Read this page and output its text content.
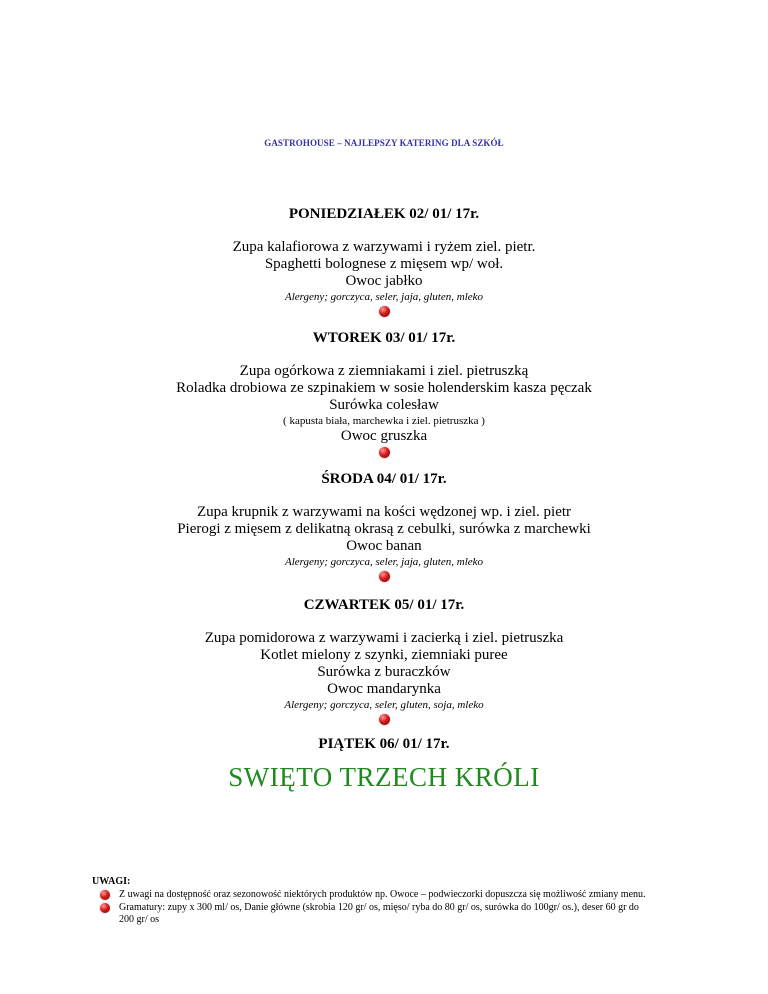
GASTROHOUSE – NAJLEPSZY KATERING DLA SZKÓŁ
PONIEDZIAŁEK 02/ 01/ 17r.
Zupa kalafiorowa z warzywami i ryżem ziel. pietr.
Spaghetti bolognese z mięsem wp/ woł.
Owoc jabłko
Alergeny; gorczyca, seler, jaja, gluten, mleko
WTOREK 03/ 01/ 17r.
Zupa ogórkowa z ziemniakami i ziel. pietruszką
Roladka drobiowa ze szpinakiem w sosie holenderskim kasza pęczak
Surówka colesław
( kapusta biała, marchewka i ziel. pietruszka )
Owoc gruszka
ŚRODA 04/ 01/ 17r.
Zupa krupnik z warzywami na kości wędzonej wp. i ziel. pietr
Pierogi z mięsem z delikatną okrasą z cebulki, surówka z marchewki
Owoc banan
Alergeny; gorczyca, seler, jaja, gluten, mleko
CZWARTEK 05/ 01/ 17r.
Zupa pomidorowa z warzywami i zacierką i ziel. pietruszka
Kotlet mielony z szynki, ziemniaki puree
Surówka z buraczków
Owoc mandarynka
Alergeny; gorczyca, seler, gluten, soja, mleko
PIĄTEK 06/ 01/ 17r.
SWIĘTO TRZECH KRÓLI
UWAGI:
Z uwagi na dostępność oraz sezonowość niektórych produktów np. Owoce – podwieczorki dopuszcza się możliwość zmiany menu.
Gramatury: zupy x 300 ml/ os, Danie główne (skrobia 120 gr/ os, mięso/ ryba do 80 gr/ os, surówka do 100gr/ os.), deser 60 gr do 200 gr/ os
